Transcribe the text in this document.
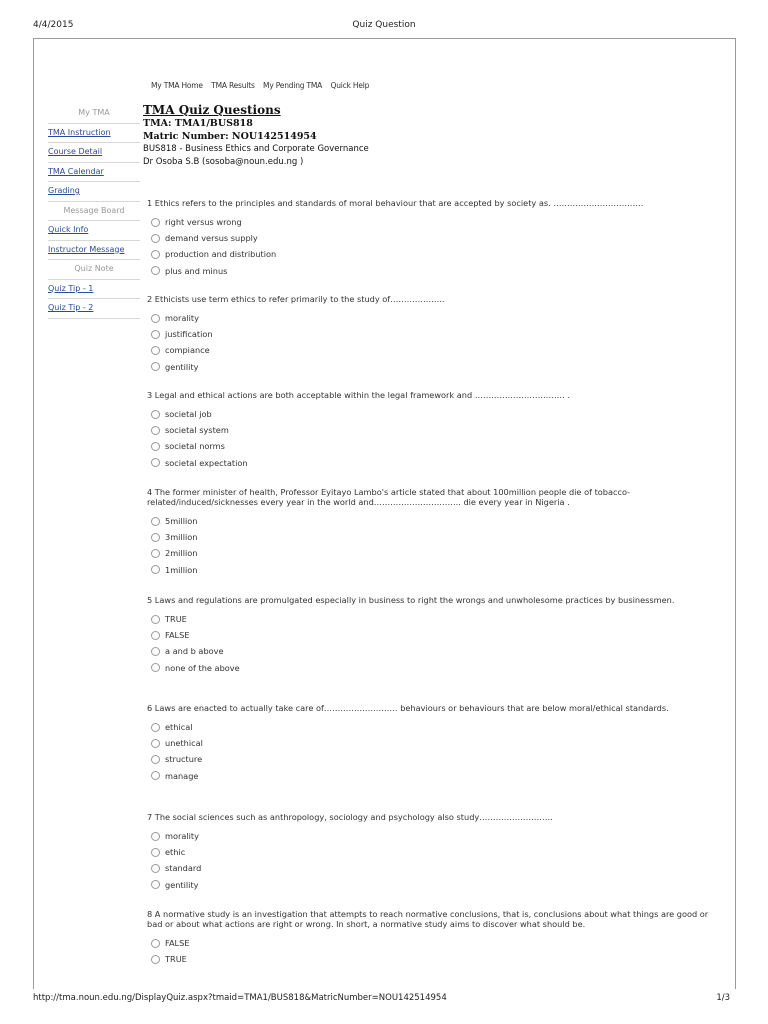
4/4/2015	Quiz Question
My TMA Home TMA Results My Pending TMA Quick Help
My TMA
TMA Instruction
Course Detail
TMA Calendar
Grading
Message Board
Quick Info
Instructor Message
Quiz Note
Quiz Tip - 1
Quiz Tip - 2
TMA Quiz Questions
TMA: TMA1/BUS818
Matric Number: NOU142514954
BUS818 - Business Ethics and Corporate Governance
Dr Osoba S.B (sosoba@noun.edu.ng )
1 Ethics refers to the principles and standards of moral behaviour that are accepted by society as. ……………………………
right versus wrong
demand versus supply
production and distribution
plus and minus
2 Ethicists use term ethics to refer primarily to the study of………………..
morality
justification
compiance
gentility
3 Legal and ethical actions are both acceptable within the legal framework and …………………………… .
societal job
societal system
societal norms
societal expectation
4 The former minister of health, Professor Eyitayo Lambo's article stated that about 100million people die of tobacco-related/induced/sicknesses every year in the world and………………………….. die every year in Nigeria .
5million
3million
2million
1million
5 Laws and regulations are promulgated especially in business to right the wrongs and unwholesome practices by businessmen.
TRUE
FALSE
a and b above
none of the above
6 Laws are enacted to actually take care of……………………… behaviours or behaviours that are below moral/ethical standards.
ethical
unethical
structure
manage
7 The social sciences such as anthropology, sociology and psychology also study………………………
morality
ethic
standard
gentility
8 A normative study is an investigation that attempts to reach normative conclusions, that is, conclusions about what things are good or bad or about what actions are right or wrong. In short, a normative study aims to discover what should be.
FALSE
TRUE
http://tma.noun.edu.ng/DisplayQuiz.aspx?tmaid=TMA1/BUS818&MatricNumber=NOU142514954	1/3
